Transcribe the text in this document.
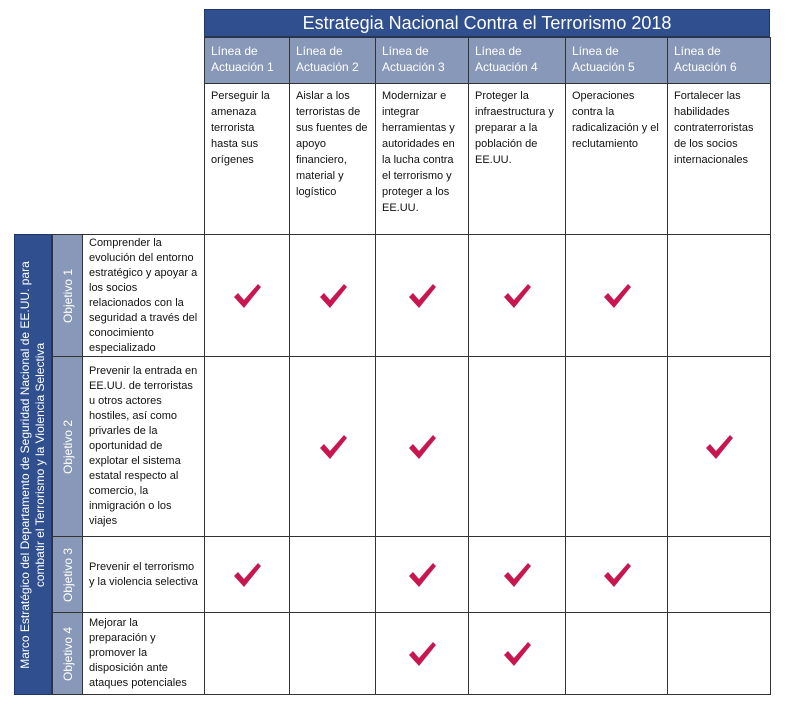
Estrategia Nacional Contra el Terrorismo 2018
Línea de Actuación 1
Perseguir la amenaza terrorista hasta sus orígenes
Línea de Actuación 2
Aislar a los terroristas de sus fuentes de apoyo financiero, material y logístico
Línea de Actuación 3
Modernizar e integrar herramientas y autoridades en la lucha contra el terrorismo y proteger a los EE.UU.
Línea de Actuación 4
Proteger la infraestructura y preparar a la población de EE.UU.
Línea de Actuación 5
Operaciones contra la radicalización y el reclutamiento
Línea de Actuación 6
Fortalecer las habilidades contraterroristas de los socios internacionales
Marco Estratégico del Departamento de Seguridad Nacional de EE.UU. para combatir el Terrorismo y la Violencia Selectiva
Objetivo 1
Comprender la evolución del entorno estratégico y apoyar a los socios relacionados con la seguridad a través del conocimiento especializado
Objetivo 2
Prevenir la entrada en EE.UU. de terroristas u otros actores hostiles, así como privarles de la oportunidad de explotar el sistema estatal respecto al comercio, la inmigración o los viajes
Objetivo 3 Prevenir el terrorismo y la violencia selectiva
Objetivo 4
Mejorar la preparación y promover la disposición ante ataques potenciales
